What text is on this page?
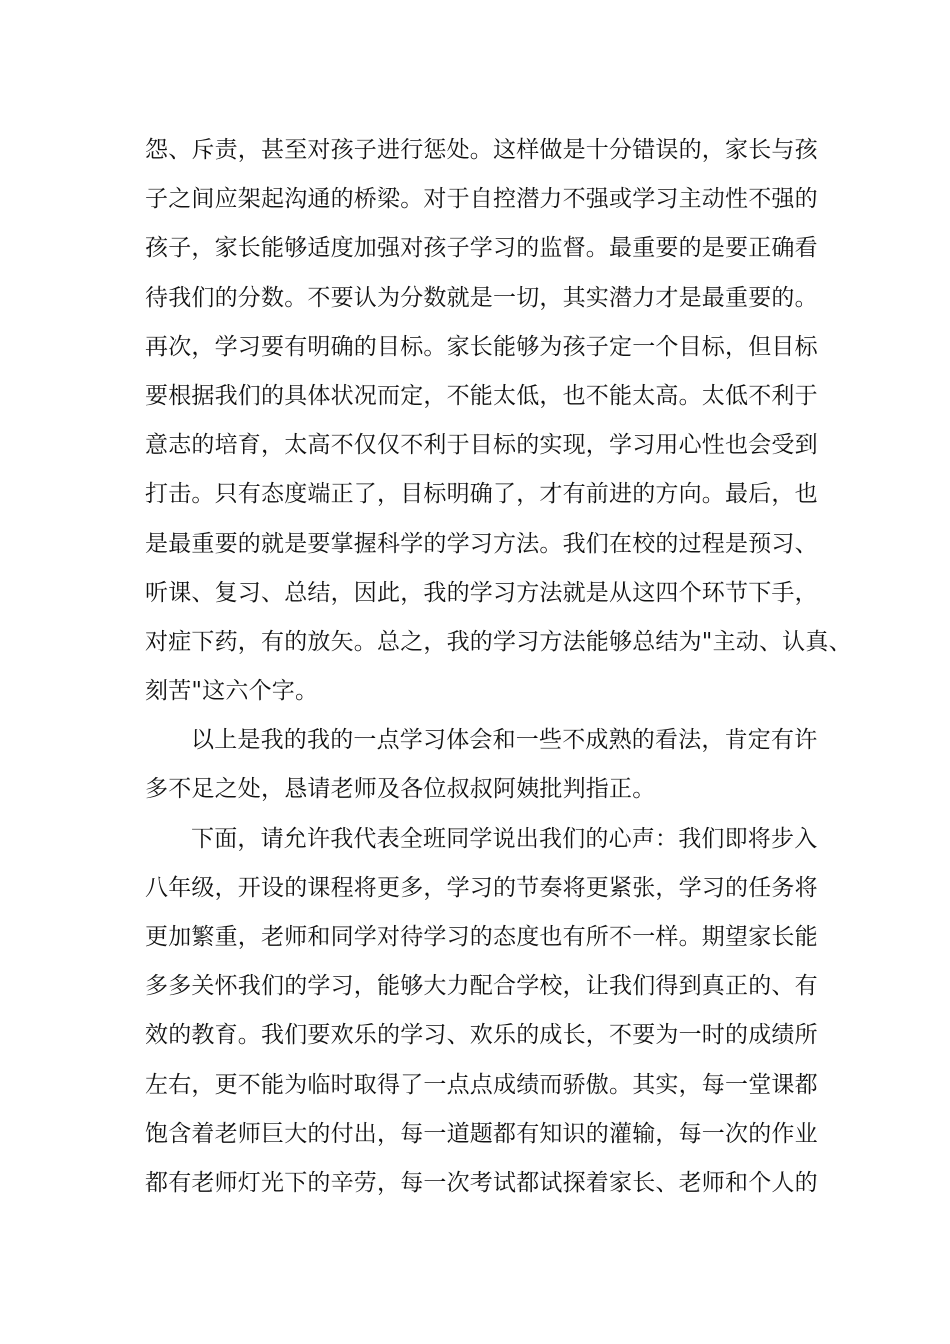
怨、斥责，甚至对孩子进行惩处。这样做是十分错误的，家长与孩
子之间应架起沟通的桥梁。对于自控潜力不强或学习主动性不强的
孩子，家长能够适度加强对孩子学习的监督。最重要的是要正确看
待我们的分数。不要认为分数就是一切，其实潜力才是最重要的。
再次，学习要有明确的目标。家长能够为孩子定一个目标，但目标
要根据我们的具体状况而定，不能太低，也不能太高。太低不利于
意志的培育，太高不仅仅不利于目标的实现，学习用心性也会受到
打击。只有态度端正了，目标明确了，才有前进的方向。最后，也
是最重要的就是要掌握科学的学习方法。我们在校的过程是预习、
听课、复习、总结，因此，我的学习方法就是从这四个环节下手，
对症下药，有的放矢。总之，我的学习方法能够总结为"主动、认真、
刻苦"这六个字。
以上是我的我的一点学习体会和一些不成熟的看法，肯定有许
多不足之处，恳请老师及各位叔叔阿姨批判指正。
下面，请允许我代表全班同学说出我们的心声：我们即将步入
八年级，开设的课程将更多，学习的节奏将更紧张，学习的任务将
更加繁重，老师和同学对待学习的态度也有所不一样。期望家长能
多多关怀我们的学习，能够大力配合学校，让我们得到真正的、有
效的教育。我们要欢乐的学习、欢乐的成长，不要为一时的成绩所
左右，更不能为临时取得了一点点成绩而骄傲。其实，每一堂课都
饱含着老师巨大的付出，每一道题都有知识的灌输，每一次的作业
都有老师灯光下的辛劳，每一次考试都试探着家长、老师和个人的
